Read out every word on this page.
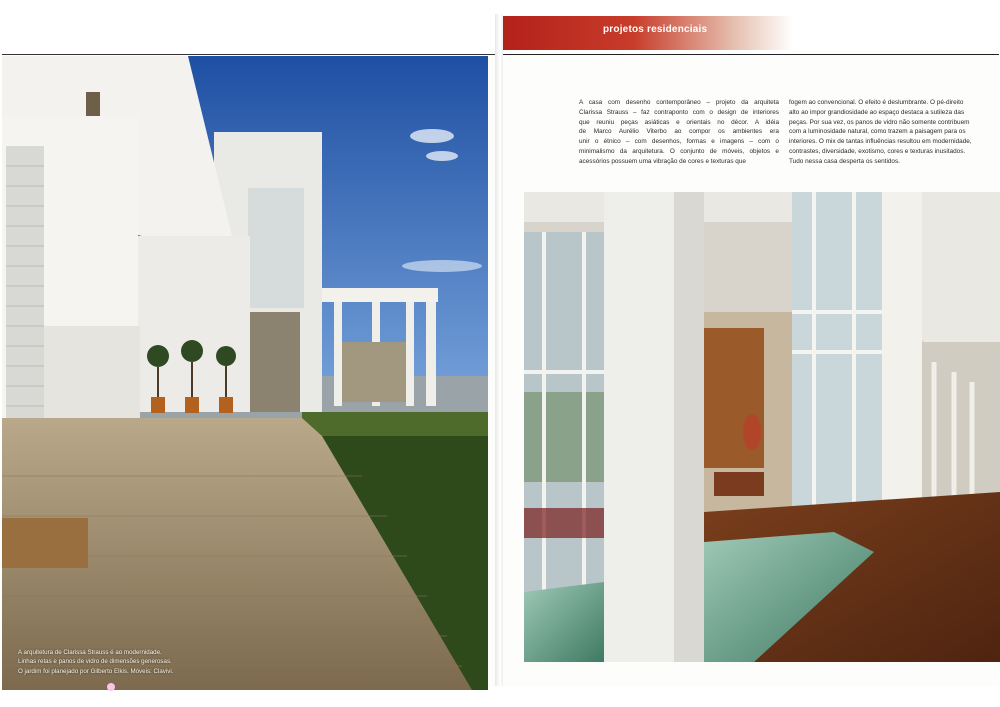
A arquitetura de Clarissa Strauss é ao modernidade.
Linhas retas e panos de vidro de dimensões generosas.
O jardim foi planejado por Gilberto Elkis. Móveis: Clavivi.
projetos residenciais
A casa com desenho contemporâneo – projeto da arquiteta
Clarissa Strauss – faz contraponto com o design de interiores
que reuniu peças asiáticas e orientais no décor. A idéia
de Marco Aurélio Viterbo ao compor os ambientes era
unir o étnico – com desenhos, formas e imagens – com o
minimalismo da arquitetura. O conjunto de móveis, objetos e
acessórios possuem uma vibração de cores e texturas que
fogem ao convencional. O efeito é deslumbrante. O pé-direito
alto ao impor grandiosidade ao espaço destaca a sutileza das
peças. Por sua vez, os panos de vidro não somente contribuem
com a luminosidade natural, como trazem a paisagem para os
interiores. O mix de tantas influências resultou em modernidade,
contrastes, diversidade, exotismo, cores e texturas inusitados.
Tudo nessa casa desperta os sentidos.
